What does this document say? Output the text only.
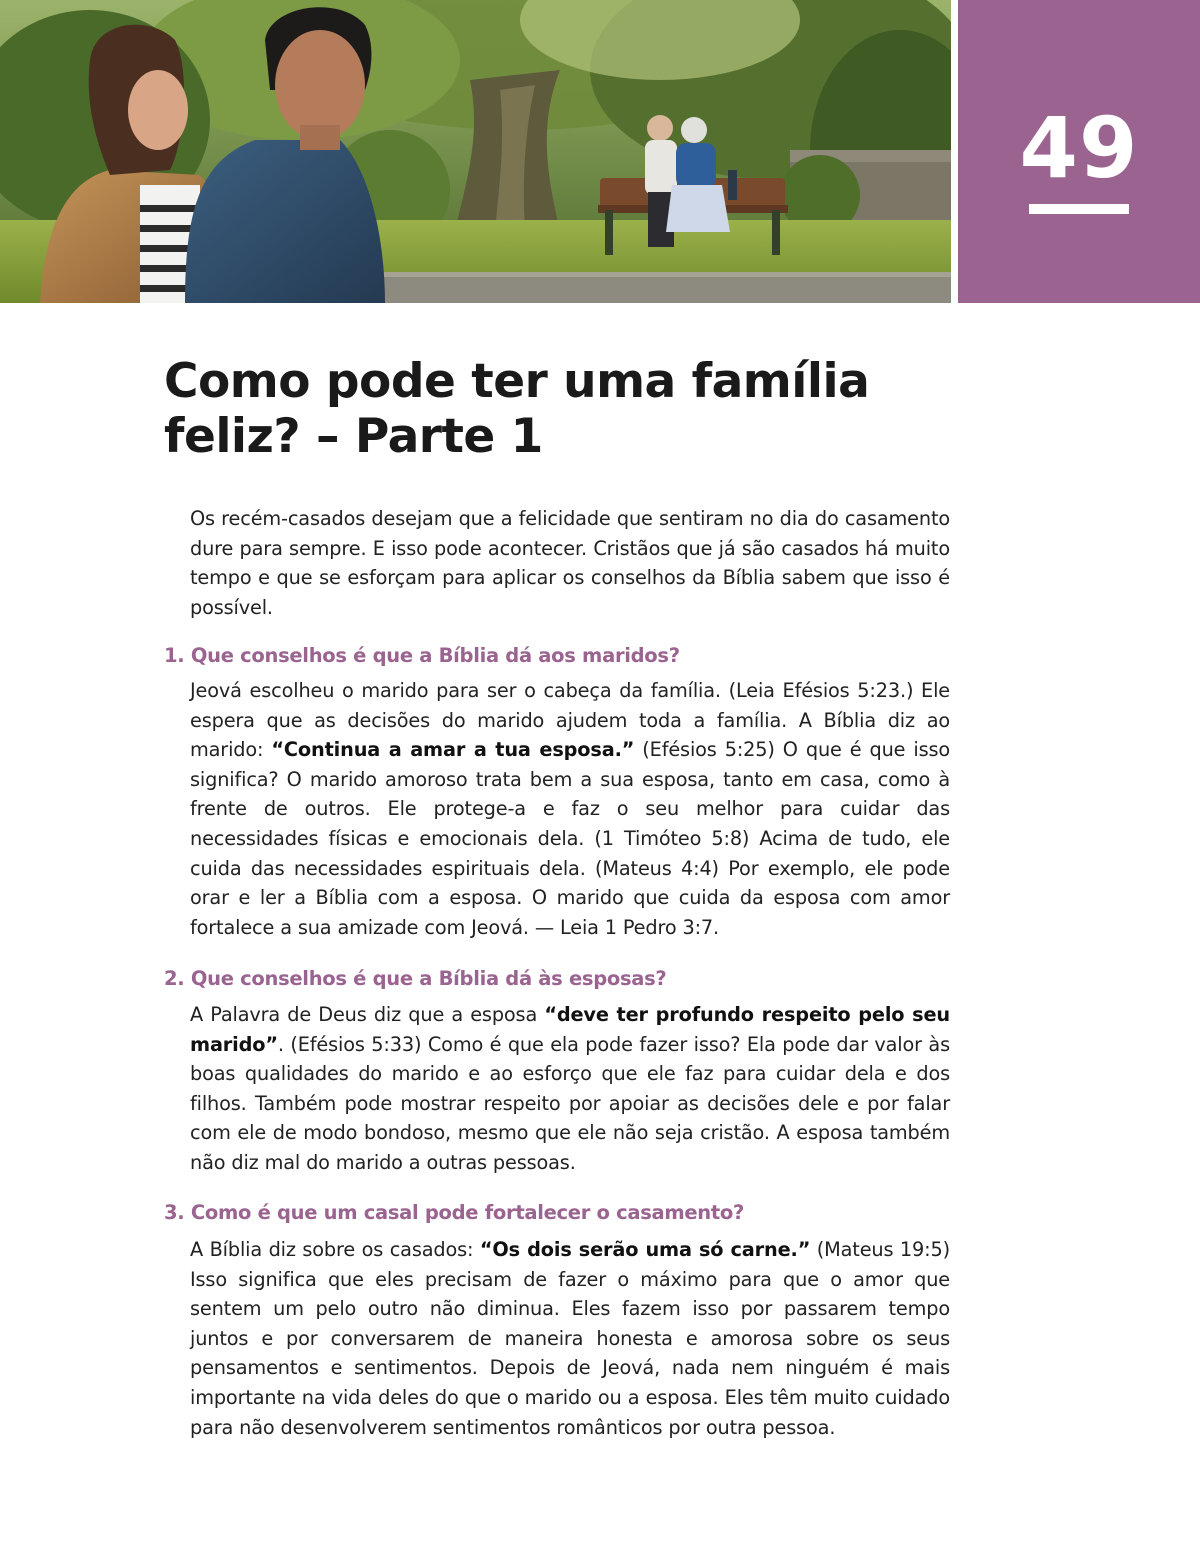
49
Como pode ter uma família
feliz? – Parte 1

Os recém-casados desejam que a felicidade que sentiram no dia do casamento dure para sempre. E isso pode acontecer. Cristãos que já são casados há muito tempo e que se esforçam para aplicar os conselhos da Bíblia sabem que isso é possível.

1. Que conselhos é que a Bíblia dá aos maridos?

Jeová escolheu o marido para ser o cabeça da família. (Leia Efésios 5:23.) Ele espera que as decisões do marido ajudem toda a família. A Bíblia diz ao marido: “Continua a amar a tua esposa.” (Efésios 5:25) O que é que isso significa? O marido amoroso trata bem a sua esposa, tanto em casa, como à frente de outros. Ele protege-a e faz o seu melhor para cuidar das necessidades físicas e emocionais dela. (1 Timóteo 5:8) Acima de tudo, ele cuida das necessidades espirituais dela. (Mateus 4:4) Por exemplo, ele pode orar e ler a Bíblia com a esposa. O marido que cuida da esposa com amor fortalece a sua amizade com Jeová. — Leia 1 Pedro 3:7.

2. Que conselhos é que a Bíblia dá às esposas?

A Palavra de Deus diz que a esposa “deve ter profundo respeito pelo seu marido”. (Efésios 5:33) Como é que ela pode fazer isso? Ela pode dar valor às boas qualidades do marido e ao esforço que ele faz para cuidar dela e dos filhos. Também pode mostrar respeito por apoiar as decisões dele e por falar com ele de modo bondoso, mesmo que ele não seja cristão. A esposa também não diz mal do marido a outras pessoas.

3. Como é que um casal pode fortalecer o casamento?

A Bíblia diz sobre os casados: “Os dois serão uma só carne.” (Mateus 19:5) Isso significa que eles precisam de fazer o máximo para que o amor que sentem um pelo outro não diminua. Eles fazem isso por passarem tempo juntos e por conversarem de maneira honesta e amorosa sobre os seus pensamentos e sentimentos. Depois de Jeová, nada nem ninguém é mais importante na vida deles do que o marido ou a esposa. Eles têm muito cuidado para não desenvolverem sentimentos românticos por outra pessoa.
